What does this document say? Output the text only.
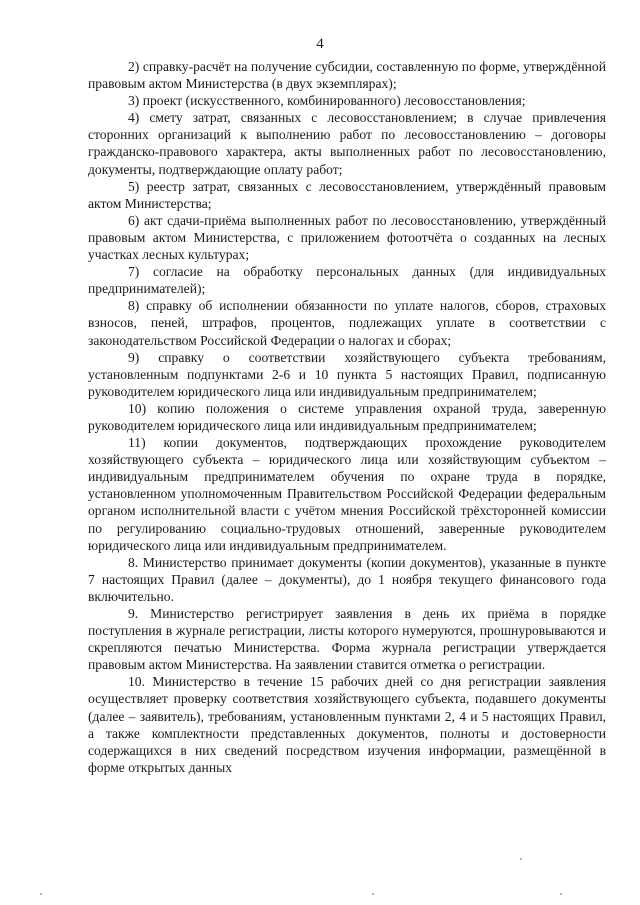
4

2) справку-расчёт на получение субсидии, составленную по форме, утверждённой правовым актом Министерства (в двух экземплярах);

3) проект (искусственного, комбинированного) лесовосстановления;

4) смету затрат, связанных с лесовосстановлением; в случае привлечения сторонних организаций к выполнению работ по лесовосстановлению – договоры гражданско-правового характера, акты выполненных работ по лесовосстановлению, документы, подтверждающие оплату работ;

5) реестр затрат, связанных с лесовосстановлением, утверждённый правовым актом Министерства;

6) акт сдачи-приёма выполненных работ по лесовосстановлению, утверждённый правовым актом Министерства, с приложением фотоотчёта о созданных на лесных участках лесных культурах;

7) согласие на обработку персональных данных (для индивидуальных предпринимателей);

8) справку об исполнении обязанности по уплате налогов, сборов, страховых взносов, пеней, штрафов, процентов, подлежащих уплате в соответствии с законодательством Российской Федерации о налогах и сборах;

9) справку о соответствии хозяйствующего субъекта требованиям, установленным подпунктами 2-6 и 10 пункта 5 настоящих Правил, подписанную руководителем юридического лица или индивидуальным предпринимателем;

10) копию положения о системе управления охраной труда, заверенную руководителем юридического лица или индивидуальным предпринимателем;

11) копии документов, подтверждающих прохождение руководителем хозяйствующего субъекта – юридического лица или хозяйствующим субъектом – индивидуальным предпринимателем обучения по охране труда в порядке, установленном уполномоченным Правительством Российской Федерации федеральным органом исполнительной власти с учётом мнения Российской трёхсторонней комиссии по регулированию социально-трудовых отношений, заверенные руководителем юридического лица или индивидуальным предпринимателем.

8. Министерство принимает документы (копии документов), указанные в пункте 7 настоящих Правил (далее – документы), до 1 ноября текущего финансового года включительно.

9. Министерство регистрирует заявления в день их приёма в порядке поступления в журнале регистрации, листы которого нумеруются, прошнуровываются и скрепляются печатью Министерства. Форма журнала регистрации утверждается правовым актом Министерства. На заявлении ставится отметка о регистрации.

10. Министерство в течение 15 рабочих дней со дня регистрации заявления осуществляет проверку соответствия хозяйствующего субъекта, подавшего документы (далее – заявитель), требованиям, установленным пунктами 2, 4 и 5 настоящих Правил, а также комплектности представленных документов, полноты и достоверности содержащихся в них сведений посредством изучения информации, размещённой в форме открытых данных
